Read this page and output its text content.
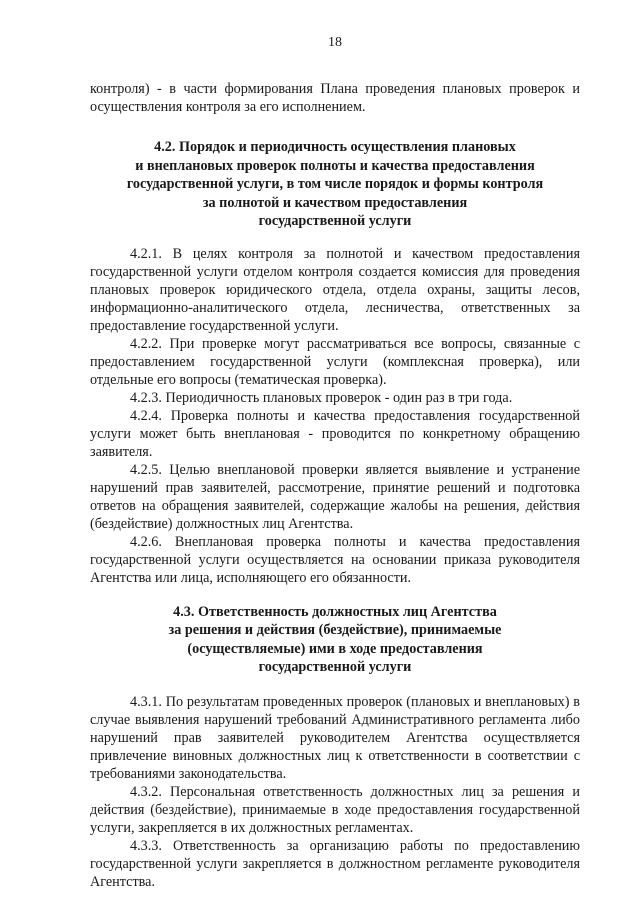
18

контроля) - в части формирования Плана проведения плановых проверок и осуществления контроля за его исполнением.

4.2. Порядок и периодичность осуществления плановых
и внеплановых проверок полноты и качества предоставления
государственной услуги, в том числе порядок и формы контроля
за полнотой и качеством предоставления
государственной услуги

4.2.1. В целях контроля за полнотой и качеством предоставления государственной услуги отделом контроля создается комиссия для проведения плановых проверок юридического отдела, отдела охраны, защиты лесов, информационно-аналитического отдела, лесничества, ответственных за предоставление государственной услуги.

4.2.2. При проверке могут рассматриваться все вопросы, связанные с предоставлением государственной услуги (комплексная проверка), или отдельные его вопросы (тематическая проверка).

4.2.3. Периодичность плановых проверок - один раз в три года.

4.2.4. Проверка полноты и качества предоставления государственной услуги может быть внеплановая - проводится по конкретному обращению заявителя.

4.2.5. Целью внеплановой проверки является выявление и устранение нарушений прав заявителей, рассмотрение, принятие решений и подготовка ответов на обращения заявителей, содержащие жалобы на решения, действия (бездействие) должностных лиц Агентства.

4.2.6. Внеплановая проверка полноты и качества предоставления государственной услуги осуществляется на основании приказа руководителя Агентства или лица, исполняющего его обязанности.

4.3. Ответственность должностных лиц Агентства
за решения и действия (бездействие), принимаемые
(осуществляемые) ими в ходе предоставления
государственной услуги

4.3.1. По результатам проведенных проверок (плановых и внеплановых) в случае выявления нарушений требований Административного регламента либо нарушений прав заявителей руководителем Агентства осуществляется привлечение виновных должностных лиц к ответственности в соответствии с требованиями законодательства.

4.3.2. Персональная ответственность должностных лиц за решения и действия (бездействие), принимаемые в ходе предоставления государственной услуги, закрепляется в их должностных регламентах.

4.3.3. Ответственность за организацию работы по предоставлению государственной услуги закрепляется в должностном регламенте руководителя Агентства.
